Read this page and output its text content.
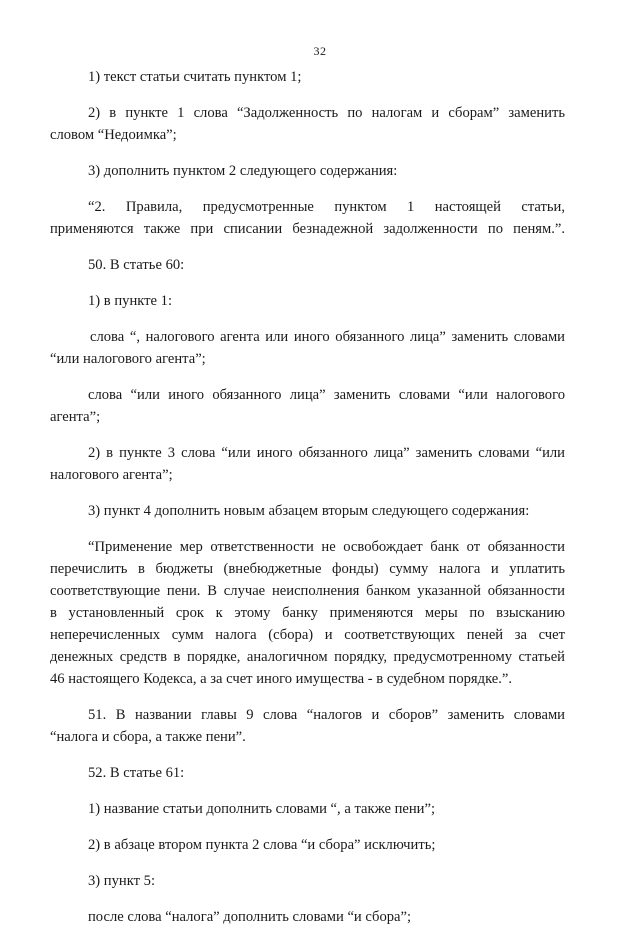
32
1) текст статьи считать пунктом 1;
2) в пункте 1 слова “Задолженность по налогам и сборам” заменить
словом “Недоимка”;
3) дополнить пунктом 2 следующего содержания:
“2. Правила, предусмотренные пунктом 1 настоящей статьи,
применяются также при списании безнадежной задолженности по пеням.”.
50. В статье 60:
1) в пункте 1:
слова “, налогового агента или иного обязанного лица” заменить словами
“или налогового агента”;
слова “или иного обязанного лица” заменить словами “или налогового
агента”;
2) в пункте 3 слова “или иного обязанного лица” заменить словами “или
налогового агента”;
3) пункт 4 дополнить новым абзацем вторым следующего содержания:
“Применение мер ответственности не освобождает банк от обязанности
перечислить в бюджеты (внебюджетные фонды) сумму налога и уплатить
соответствующие пени. В случае неисполнения банком указанной обязанности
в установленный срок к этому банку применяются меры по взысканию
неперечисленных сумм налога (сбора) и соответствующих пеней за счет
денежных средств в порядке, аналогичном порядку, предусмотренному статьей
46 настоящего Кодекса, а за счет иного имущества - в судебном порядке.”.
51. В названии главы 9 слова “налогов и сборов” заменить словами
“налога и сбора, а также пени”.
52. В статье 61:
1) название статьи дополнить словами “, а также пени”;
2) в абзаце втором пункта 2 слова “и сбора” исключить;
3) пункт 5:
после слова “налога” дополнить словами “и сбора”;
